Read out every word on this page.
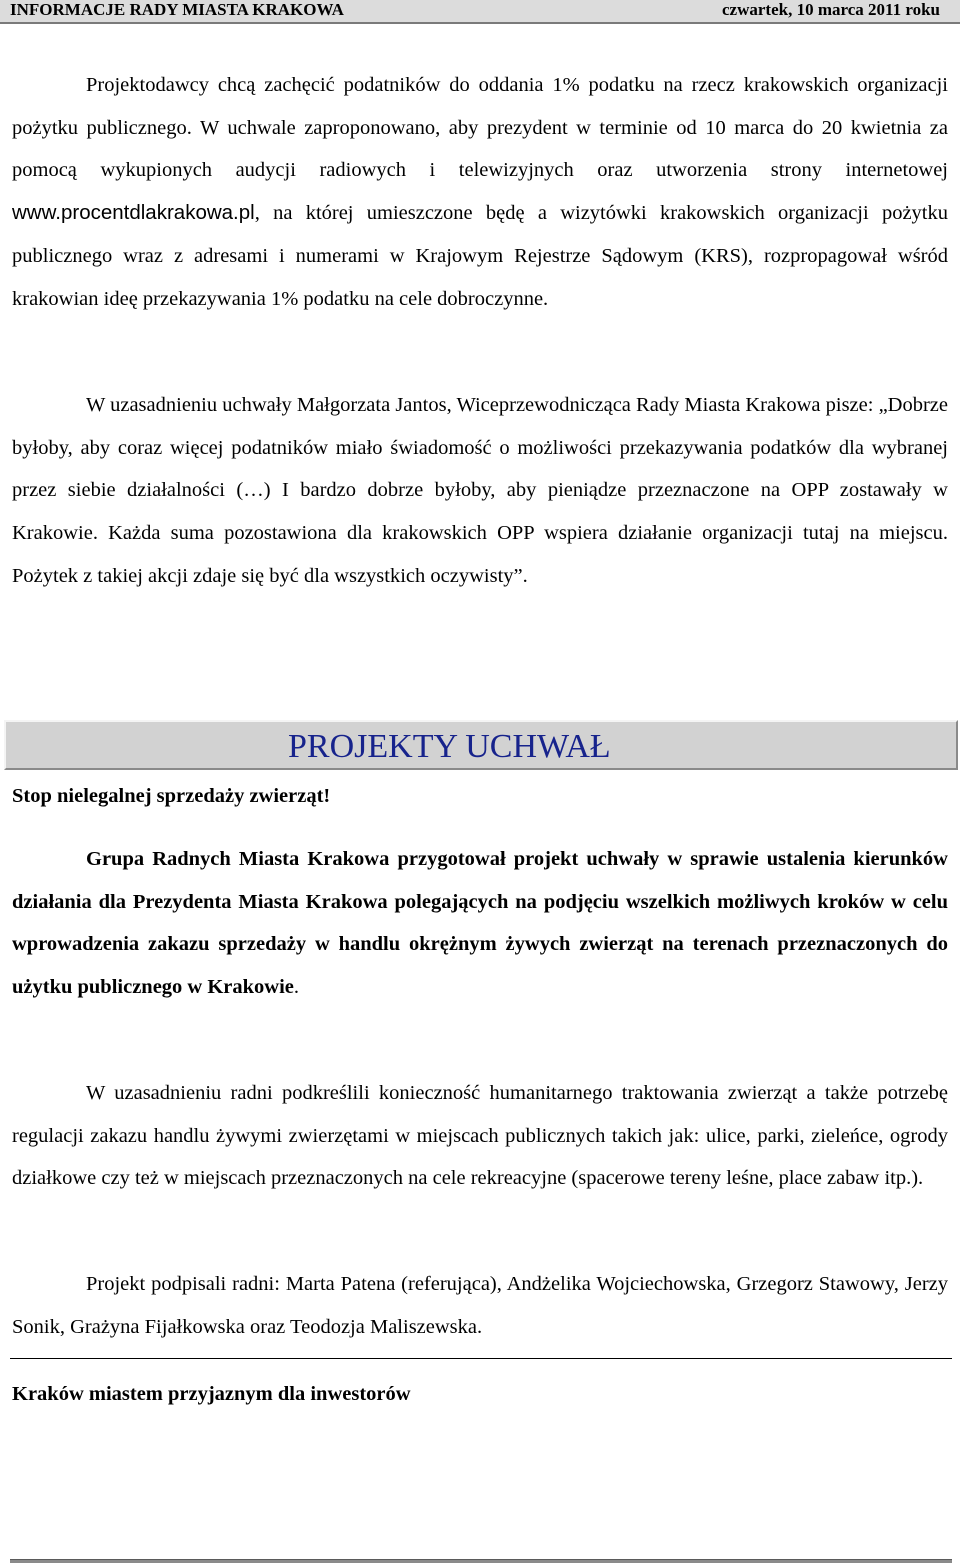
INFORMACJE RADY MIASTA KRAKOWA	czwartek, 10 marca 2011 roku

Projektodawcy chcą zachęcić podatników do oddania 1% podatku na rzecz krakowskich organizacji pożytku publicznego. W uchwale zaproponowano, aby prezydent w terminie od 10 marca do 20 kwietnia za pomocą wykupionych audycji radiowych i telewizyjnych oraz utworzenia strony internetowej www.procentdlakrakowa.pl, na której umieszczone będę a wizytówki krakowskich organizacji pożytku publicznego wraz z adresami i numerami w Krajowym Rejestrze Sądowym (KRS), rozpropagował wśród krakowian ideę przekazywania 1% podatku na cele dobroczynne.

W uzasadnieniu uchwały Małgorzata Jantos, Wiceprzewodnicząca Rady Miasta Krakowa pisze: „Dobrze byłoby, aby coraz więcej podatników miało świadomość o możliwości przekazywania podatków dla wybranej przez siebie działalności (…) I bardzo dobrze byłoby, aby pieniądze przeznaczone na OPP zostawały w Krakowie. Każda suma pozostawiona dla krakowskich OPP wspiera działanie organizacji tutaj na miejscu. Pożytek z takiej akcji zdaje się być dla wszystkich oczywisty”.

PROJEKTY UCHWAŁ

Stop nielegalnej sprzedaży zwierząt!

Grupa Radnych Miasta Krakowa przygotował projekt uchwały w sprawie ustalenia kierunków działania dla Prezydenta Miasta Krakowa polegających na podjęciu wszelkich możliwych kroków w celu wprowadzenia zakazu sprzedaży w handlu okrężnym żywych zwierząt na terenach przeznaczonych do użytku publicznego w Krakowie.

W uzasadnieniu radni podkreślili konieczność humanitarnego traktowania zwierząt a także potrzebę regulacji zakazu handlu żywymi zwierzętami w miejscach publicznych takich jak: ulice, parki, zieleńce, ogrody działkowe czy też w miejscach przeznaczonych na cele rekreacyjne (spacerowe tereny leśne, place zabaw itp.).

Projekt podpisali radni: Marta Patena (referująca), Andżelika Wojciechowska, Grzegorz Stawowy, Jerzy Sonik, Grażyna Fijałkowska oraz Teodozja Maliszewska.

Kraków miastem przyjaznym dla inwestorów
